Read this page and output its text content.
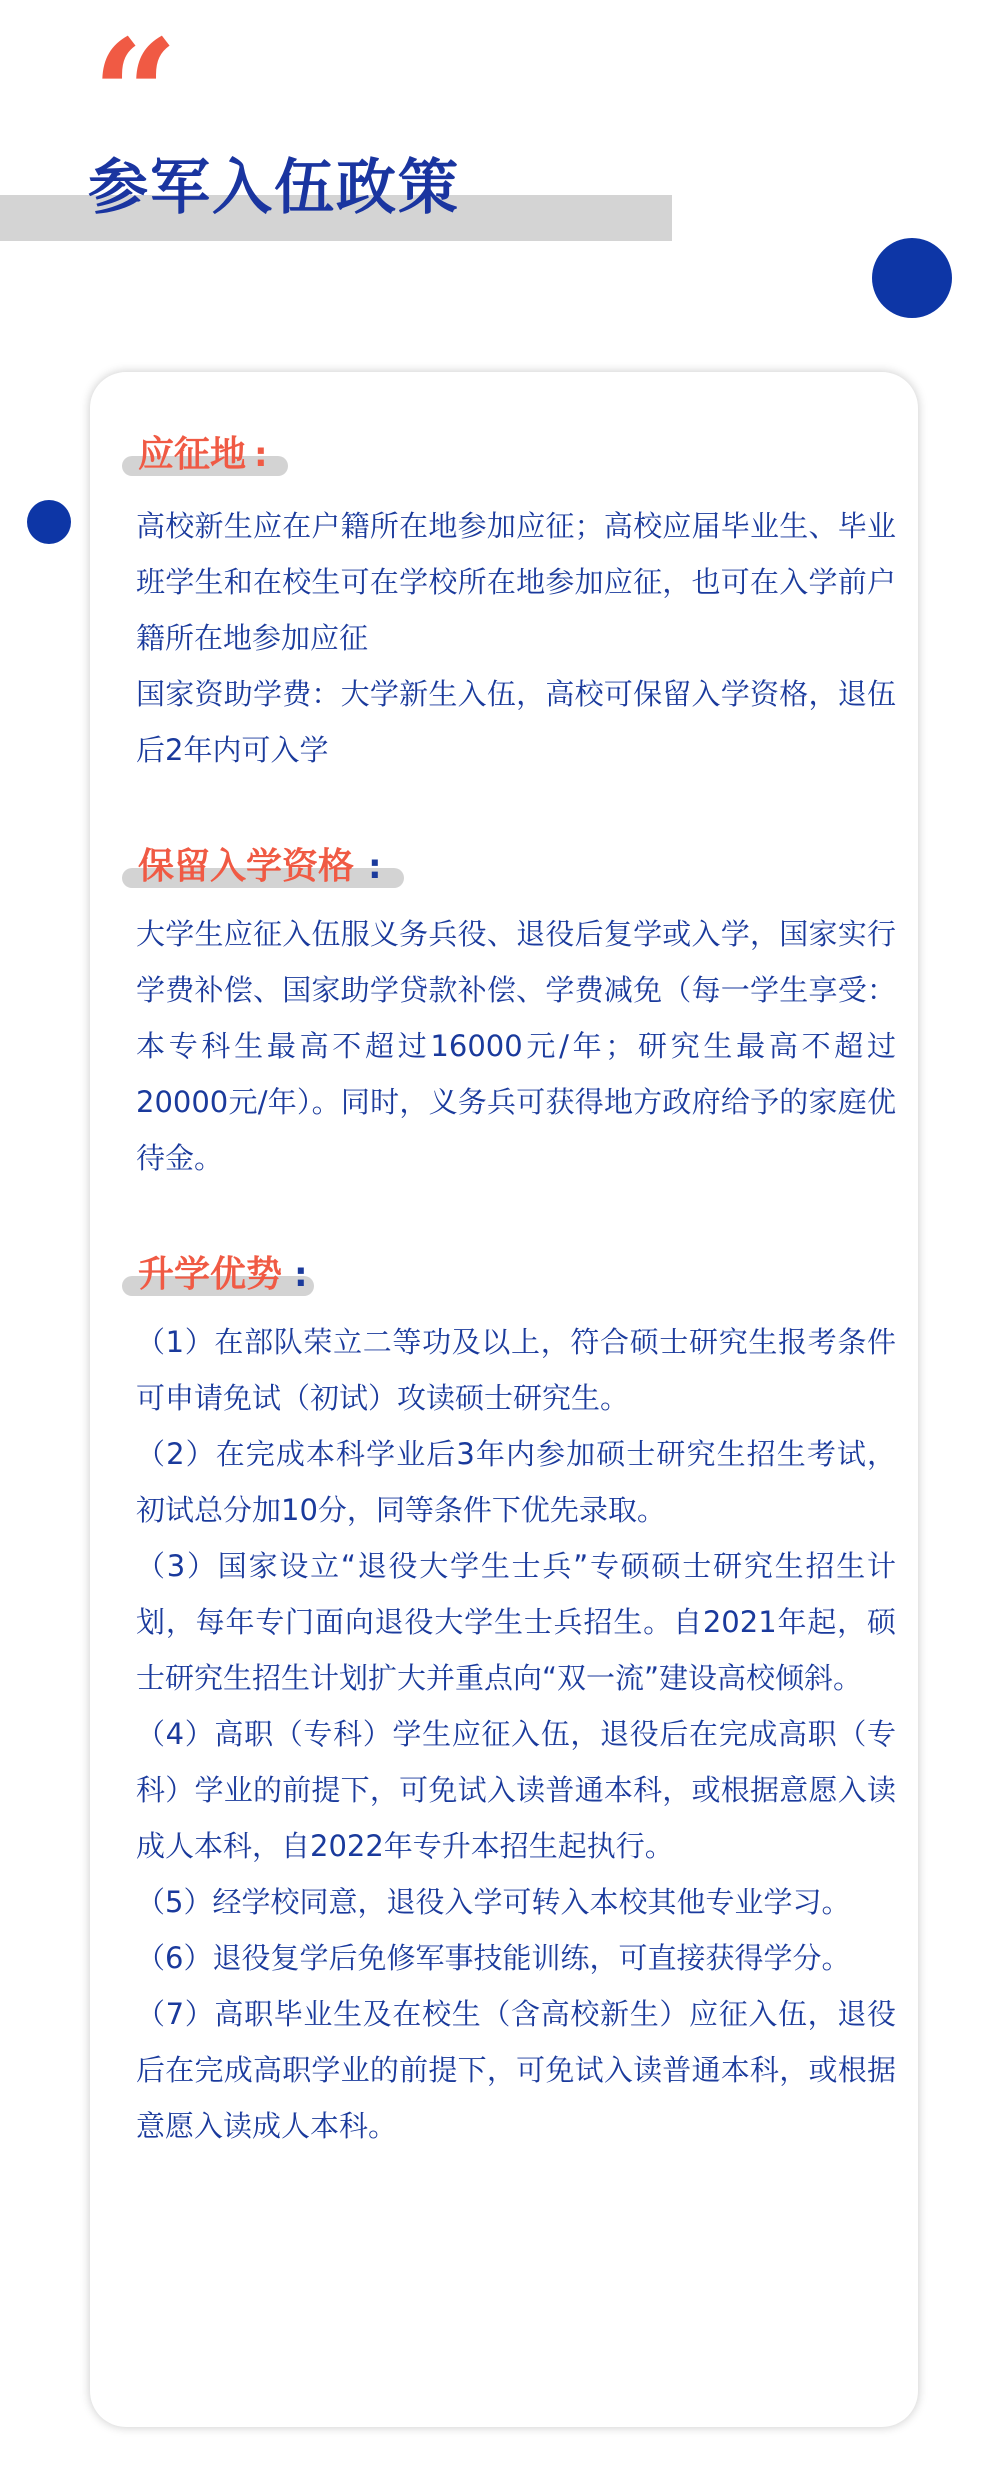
“
参军入伍政策
应征地 :

高校新生应在户籍所在地参加应征；高校应届毕业生、毕业班学生和在校生可在学校所在地参加应征，也可在入学前户籍所在地参加应征

国家资助学费：大学新生入伍，高校可保留入学资格，退伍后2年内可入学

保留入学资格 :

大学生应征入伍服义务兵役、退役后复学或入学，国家实行学费补偿、国家助学贷款补偿、学费减免（每一学生享受：本专科生最高不超过16000元/年；研究生最高不超过20000元/年）。同时，义务兵可获得地方政府给予的家庭优待金。

升学优势 :

（1）在部队荣立二等功及以上，符合硕士研究生报考条件可申请免试（初试）攻读硕士研究生。

（2）在完成本科学业后3年内参加硕士研究生招生考试，初试总分加10分，同等条件下优先录取。

（3）国家设立“退役大学生士兵”专硕硕士研究生招生计划，每年专门面向退役大学生士兵招生。自2021年起，硕士研究生招生计划扩大并重点向“双一流”建设高校倾斜。

（4）高职（专科）学生应征入伍，退役后在完成高职（专科）学业的前提下，可免试入读普通本科，或根据意愿入读成人本科，自2022年专升本招生起执行。

（5）经学校同意，退役入学可转入本校其他专业学习。

（6）退役复学后免修军事技能训练，可直接获得学分。

（7）高职毕业生及在校生（含高校新生）应征入伍，退役后在完成高职学业的前提下，可免试入读普通本科，或根据意愿入读成人本科。
